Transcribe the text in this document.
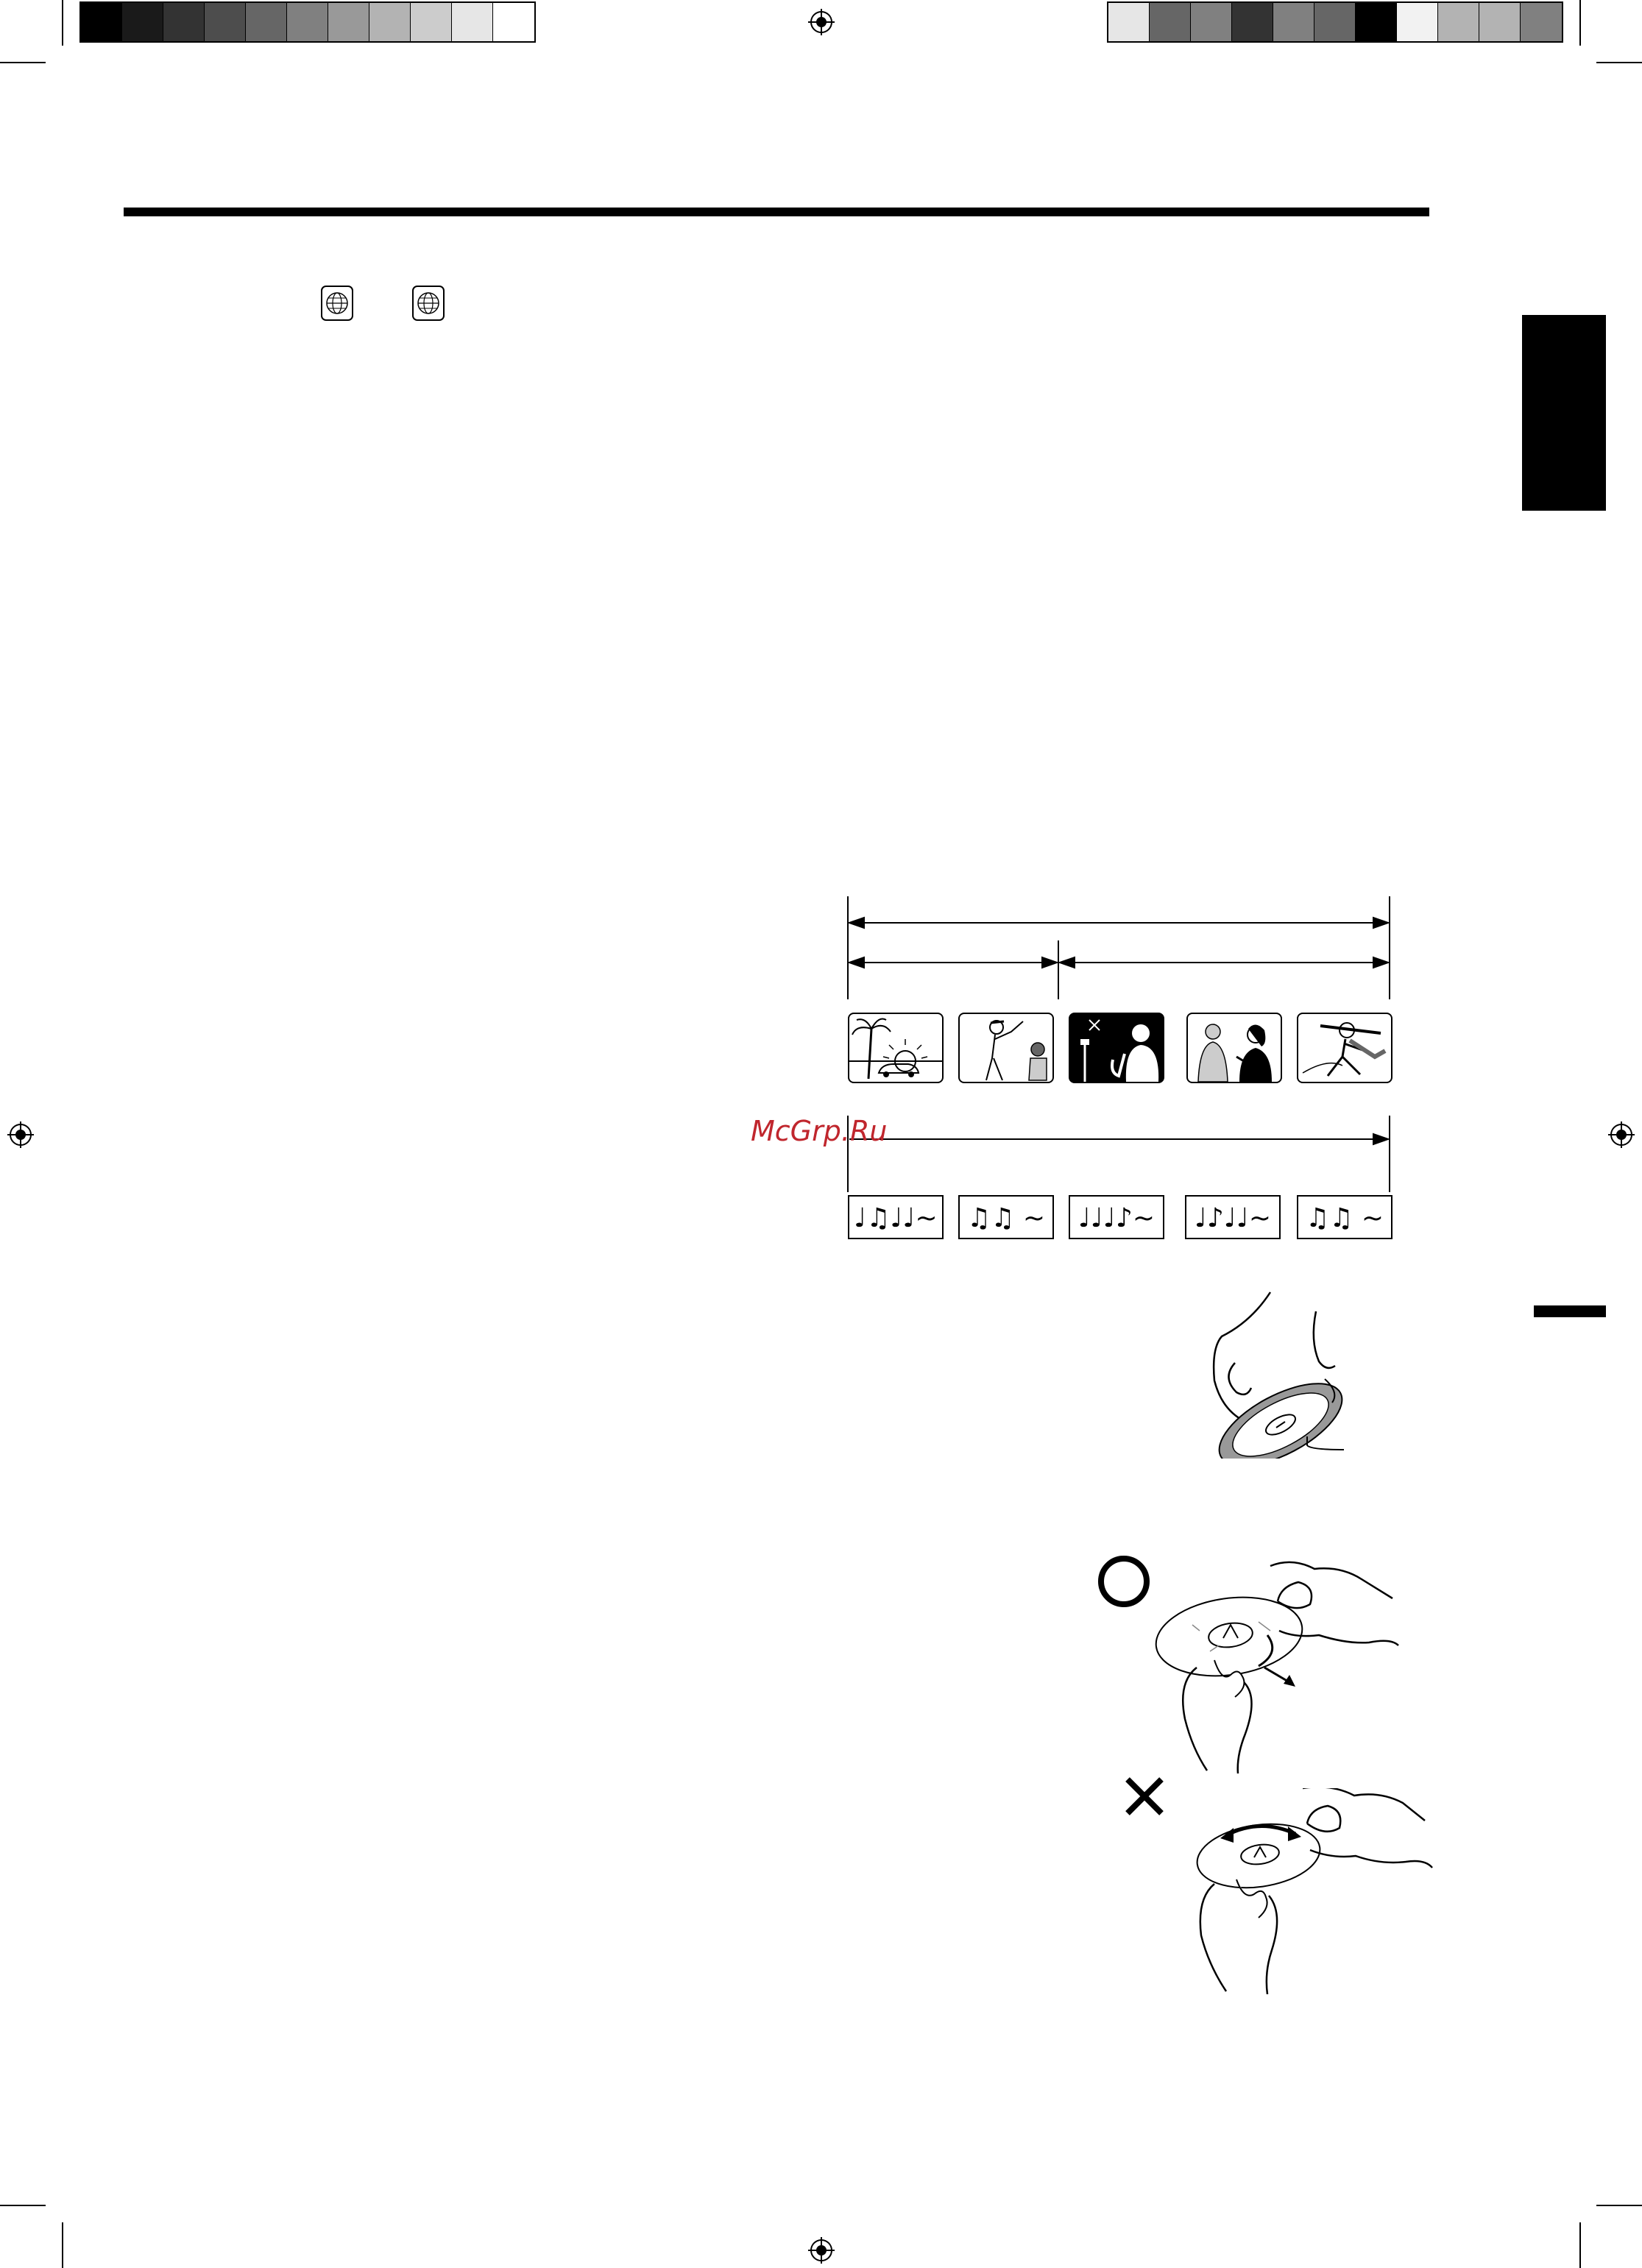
♩♫♩♩~	♫♫ ~	♩♩♩♪~	♩♪♩♩~	♫♫ ~
McGrp.Ru
